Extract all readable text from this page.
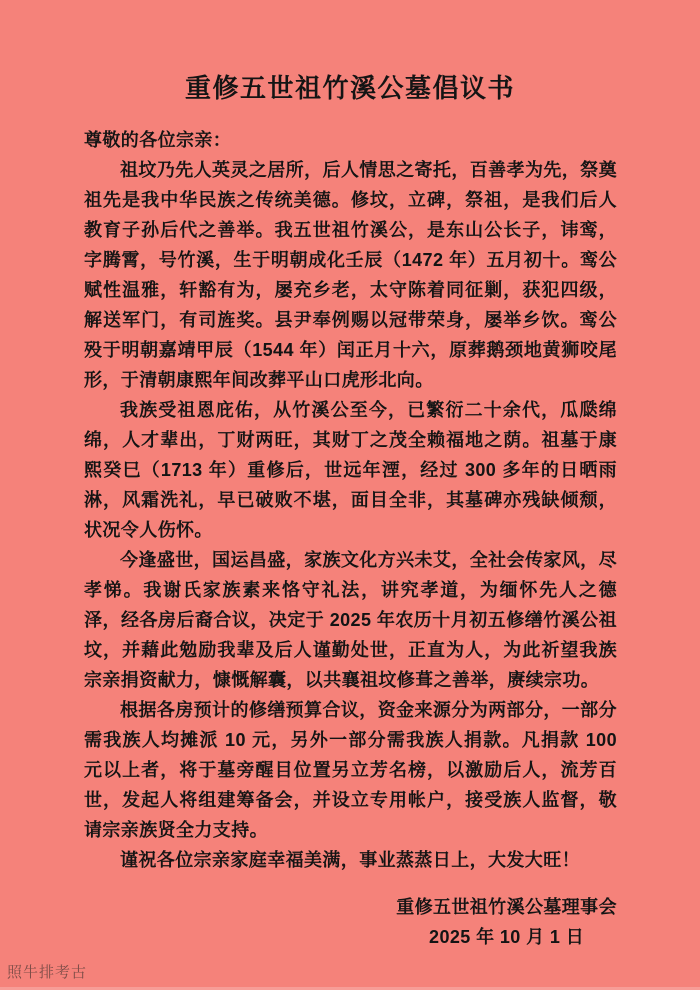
重修五世祖竹溪公墓倡议书

尊敬的各位宗亲：

祖坟乃先人英灵之居所，后人情思之寄托，百善孝为先，祭奠祖先是我中华民族之传统美德。修坟，立碑，祭祖，是我们后人教育子孙后代之善举。我五世祖竹溪公，是东山公长子，讳鸾，字腾霄，号竹溪，生于明朝成化壬辰（1472 年）五月初十。鸾公赋性温雅，轩豁有为，屡充乡老，太守陈着同征剿，获犯四级，解送军门，有司旌奖。县尹奉例赐以冠带荣身，屡举乡饮。鸾公殁于明朝嘉靖甲辰（1544 年）闰正月十六，原葬鹅颈地黄狮咬尾形，于清朝康熙年间改葬平山口虎形北向。

我族受祖恩庇佑，从竹溪公至今，已繁衍二十余代，瓜瓞绵绵，人才辈出，丁财两旺，其财丁之茂全赖福地之荫。祖墓于康熙癸巳（1713 年）重修后，世远年湮，经过 300 多年的日晒雨淋，风霜洗礼，早已破败不堪，面目全非，其墓碑亦残缺倾颓，状况令人伤怀。

今逢盛世，国运昌盛，家族文化方兴未艾，全社会传家风，尽孝悌。我谢氏家族素来恪守礼法，讲究孝道，为缅怀先人之德泽，经各房后裔合议，决定于 2025 年农历十月初五修缮竹溪公祖坟，并藉此勉励我辈及后人谨勤处世，正直为人，为此祈望我族宗亲捐资献力，慷慨解囊，以共襄祖坟修葺之善举，赓续宗功。

根据各房预计的修缮预算合议，资金来源分为两部分，一部分需我族人均摊派 10 元，另外一部分需我族人捐款。凡捐款 100 元以上者，将于墓旁醒目位置另立芳名榜，以激励后人，流芳百世，发起人将组建筹备会，并设立专用帐户，接受族人监督，敬请宗亲族贤全力支持。

谨祝各位宗亲家庭幸福美满，事业蒸蒸日上，大发大旺！

重修五世祖竹溪公墓理事会
2025 年 10 月 1 日
照牛排考古
